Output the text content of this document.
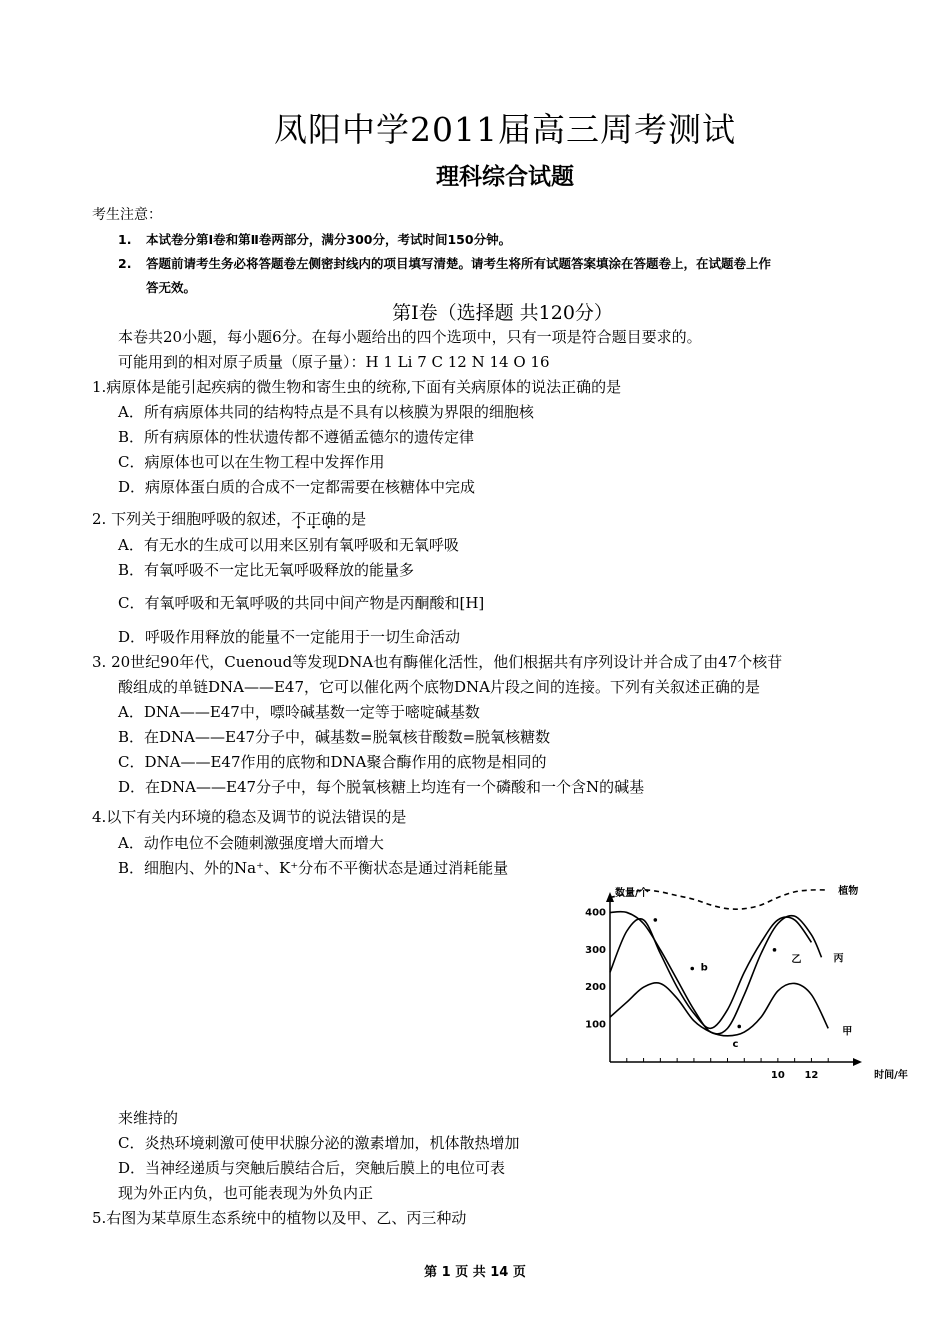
凤阳中学2011届高三周考测试
理科综合试题
考生注意：
1. 本试卷分第Ⅰ卷和第Ⅱ卷两部分，满分300分，考试时间150分钟。
2. 答题前请考生务必将答题卷左侧密封线内的项目填写清楚。请考生将所有试题答案填涂在答题卷上，在试题卷上作
答无效。
第Ⅰ卷（选择题 共120分）
本卷共20小题，每小题6分。在每小题给出的四个选项中，只有一项是符合题目要求的。
可能用到的相对原子质量（原子量）：H 1 Li 7 C 12 N 14 O 16
1.病原体是能引起疾病的微生物和寄生虫的统称,下面有关病原体的说法正确的是
A．所有病原体共同的结构特点是不具有以核膜为界限的细胞核
B．所有病原体的性状遗传都不遵循孟德尔的遗传定律
C．病原体也可以在生物工程中发挥作用
D．病原体蛋白质的合成不一定都需要在核糖体中完成
2. 下列关于细胞呼吸的叙述，不正确的是
A．有无水的生成可以用来区别有氧呼吸和无氧呼吸
B．有氧呼吸不一定比无氧呼吸释放的能量多
C．有氧呼吸和无氧呼吸的共同中间产物是丙酮酸和[H]
D．呼吸作用释放的能量不一定能用于一切生命活动
3. 20世纪90年代，Cuenoud等发现DNA也有酶催化活性，他们根据共有序列设计并合成了由47个核苷
酸组成的单链DNA——E47，它可以催化两个底物DNA片段之间的连接。下列有关叙述正确的是
A．DNA——E47中，嘌呤碱基数一定等于嘧啶碱基数
B．在DNA——E47分子中，碱基数=脱氧核苷酸数=脱氧核糖数
C．DNA——E47作用的底物和DNA聚合酶作用的底物是相同的
D．在DNA——E47分子中，每个脱氧核糖上均连有一个磷酸和一个含N的碱基
4.以下有关内环境的稳态及调节的说法错误的是
A．动作电位不会随刺激强度增大而增大
B．细胞内、外的Na⁺、K⁺分布不平衡状态是通过消耗能量
来维持的
C．炎热环境刺激可使甲状腺分泌的激素增加，机体散热增加
D．当神经递质与突触后膜结合后，突触后膜上的电位可表
现为外正内负，也可能表现为外负内正
5.右图为某草原生态系统中的植物以及甲、乙、丙三种动
100
200
300
400
10 12
数量/个
时间/年
植物
丙
乙
甲
b
c
第 1 页 共 14 页
